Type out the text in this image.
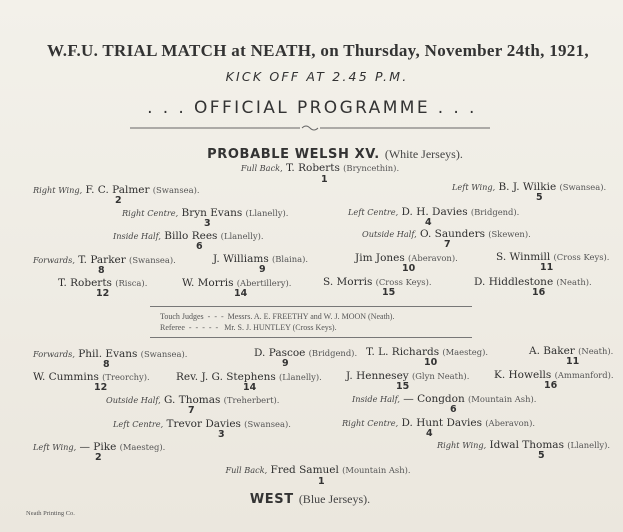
W.F.U. TRIAL MATCH at NEATH, on Thursday, November 24th, 1921,
KICK OFF AT 2.45 P.M.
. . . OFFICIAL PROGRAMME . . .
PROBABLE WELSH XV. (White Jerseys).
Full Back, T. Roberts (Bryncethin).
1
Right Wing, F. C. Palmer (Swansea).
2
Left Wing, B. J. Wilkie (Swansea).
5
Right Centre, Bryn Evans (Llanelly).
3
Left Centre, D. H. Davies (Bridgend).
4
Inside Half, Billo Rees (Llanelly).
6
Outside Half, O. Saunders (Skewen).
7
Forwards, T. Parker (Swansea).
8
J. Williams (Blaina).
9
Jim Jones (Aberavon).
10
S. Winmill (Cross Keys).
11
T. Roberts (Risca).
12
W. Morris (Abertillery).
14
S. Morris (Cross Keys).
15
D. Hiddlestone (Neath).
16
Touch Judges  -  -  -  Messrs. A. E. FREETHY and W. J. MOON (Neath).
Referee  -  -  -  -  -   Mr. S. J. HUNTLEY (Cross Keys).
Forwards, Phil. Evans (Swansea).
8
D. Pascoe (Bridgend).
9
T. L. Richards (Maesteg).
10
A. Baker (Neath).
11
W. Cummins (Treorchy).
12
Rev. J. G. Stephens (Llanelly).
14
J. Hennesey (Glyn Neath).
15
K. Howells (Ammanford).
16
Outside Half, G. Thomas (Treherbert).
7
Inside Half, — Congdon (Mountain Ash).
6
Left Centre, Trevor Davies (Swansea).
3
Right Centre, D. Hunt Davies (Aberavon).
4
Left Wing, — Pike (Maesteg).
2
Right Wing, Idwal Thomas (Llanelly).
5
Full Back, Fred Samuel (Mountain Ash).
1
WEST (Blue Jerseys).
Neath Printing Co.
